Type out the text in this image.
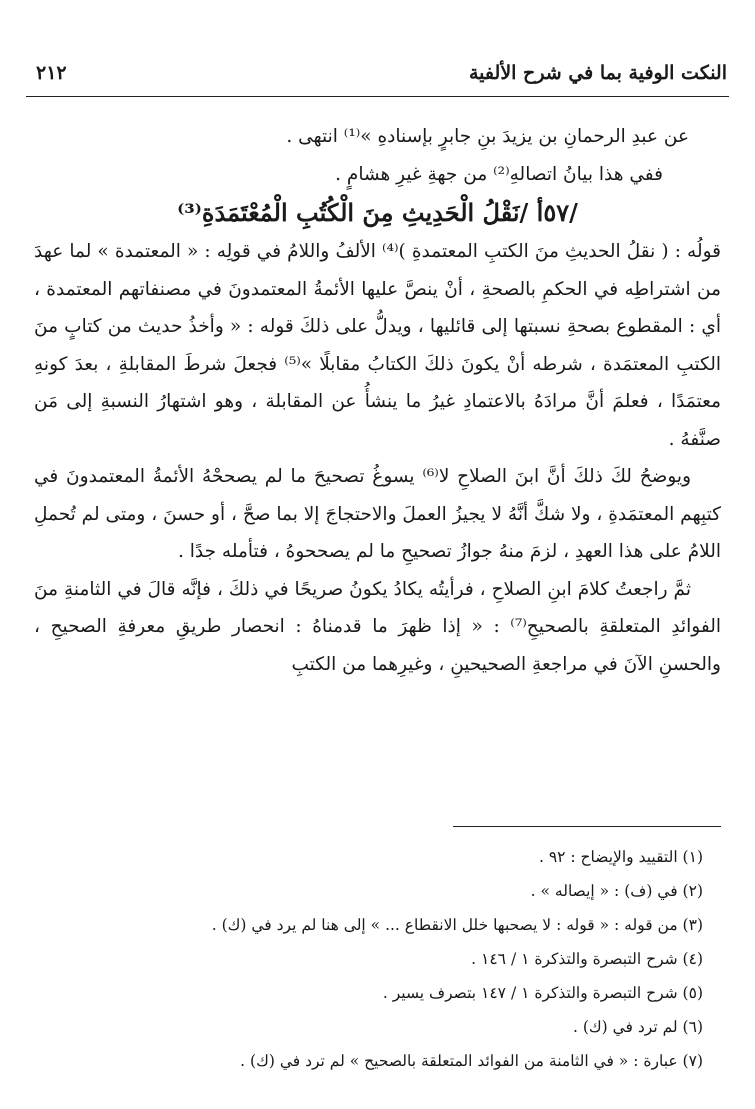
النكت الوفية بما في شرح الألفية
٢١٢

عن عبدِ الرحمانِ بن يزيدَ بنِ جابرٍ بإسنادهِ »⁽¹⁾ انتهى .

ففي هذا بيانُ اتصالهِ⁽²⁾ من جهةِ غيرِ هشامٍ .

/٥٧أ /نَقْلُ الْحَدِيثِ مِنَ الْكُتُبِ الْمُعْتَمَدَةِ⁽³⁾

قولُه : ( نقلُ الحديثِ منَ الكتبِ المعتمدةِ )⁽⁴⁾ الألفُ واللامُ في قولِه : « المعتمدة » لما عهدَ من اشتراطِه في الحكمِ بالصحةِ ، أنْ ينصَّ عليها الأئمةُ المعتمدونَ في مصنفاتهم المعتمدة ، أي : المقطوع بصحةِ نسبتها إلى قائليها ، ويدلُّ على ذلكَ قوله : « وأخذُ حديث من كتابٍ منَ الكتبِ المعتمَدة ، شرطه أنْ يكونَ ذلكَ الكتابُ مقابلًا »⁽⁵⁾ فجعلَ شرطَ المقابلةِ ، بعدَ كونهِ معتمَدًا ، فعلمَ أنَّ مرادَهُ بالاعتمادِ غيرُ ما ينشأُ عن المقابلة ، وهو اشتهارُ النسبةِ إلى مَن صنَّفهُ .

ويوضحُ لكَ ذلكَ أنَّ ابنَ الصلاحِ لا⁽⁶⁾ يسوغُ تصحيحَ ما لم يصححْهُ الأئمةُ المعتمدونَ في كتبِهم المعتمَدةِ ، ولا شكَّ أنَّهُ لا يجيزُ العملَ والاحتجاجَ إلا بما صحَّ ، أو حسنَ ، ومتى لم تُحملِ اللامُ على هذا العهدِ ، لزمَ منهُ جوازُ تصحيحِ ما لم يصححوهُ ، فتأمله جدًا .

ثمَّ راجعتُ كلامَ ابنِ الصلاحِ ، فرأيتُه يكادُ يكونُ صريحًا في ذلكَ ، فإنَّه قالَ في الثامنةِ منَ الفوائدِ المتعلقةِ بالصحيحِ⁽⁷⁾ : « إذا ظهرَ ما قدمناهُ : انحصار طريقِ معرفةِ الصحيحِ ، والحسنِ الآنَ في مراجعةِ الصحيحينِ ، وغيرِهما من الكتبِ

(١) التقييد والإيضاح : ٩٢ .
(٢) في (ف) : « إيصاله » .
(٣) من قوله : « قوله : لا يصحبها خلل الانقطاع ... » إلى هنا لم يرد في (ك) .
(٤) شرح التبصرة والتذكرة ١ / ١٤٦ .
(٥) شرح التبصرة والتذكرة ١ / ١٤٧ بتصرف يسير .
(٦) لم ترد في (ك) .
(٧) عبارة : « في الثامنة من الفوائد المتعلقة بالصحيح » لم ترد في (ك) .
